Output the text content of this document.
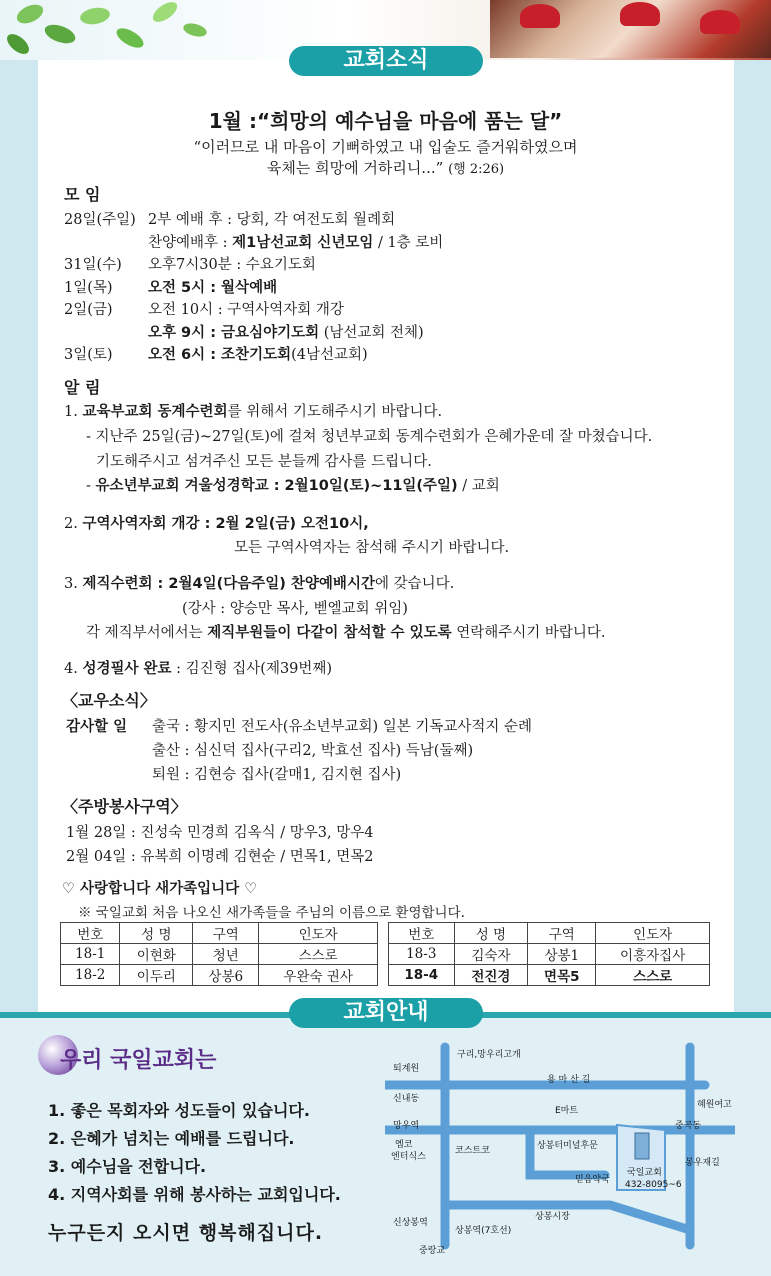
교회소식
1월 :“희망의 예수님을 마음에 품는 달”
“이러므로 내 마음이 기뻐하였고 내 입술도 즐거워하였으며
육체는 희망에 거하리니...” (행 2:26)
모 임
28일(주일) 2부 예배 후 : 당회, 각 여전도회 월례회
찬양예배후 : 제1남선교회 신년모임 / 1층 로비
31일(수) 오후7시30분 : 수요기도회
1일(목) 오전 5시 : 월삭예배
2일(금) 오전 10시 : 구역사역자회 개강
오후 9시 : 금요심야기도회 (남선교회 전체)
3일(토) 오전 6시 : 조찬기도회(4남선교회)
알 림
1. 교육부교회 동계수련회를 위해서 기도해주시기 바랍니다.
- 지난주 25일(금)~27일(토)에 걸쳐 청년부교회 동계수련회가 은혜가운데 잘 마쳤습니다.
기도해주시고 섬겨주신 모든 분들께 감사를 드립니다.
- 유소년부교회 겨울성경학교 : 2월10일(토)~11일(주일) / 교회
2. 구역사역자회 개강 : 2월 2일(금) 오전10시,
모든 구역사역자는 참석해 주시기 바랍니다.
3. 제직수련회 : 2월4일(다음주일) 찬양예배시간에 갖습니다.
(강사 : 양승만 목사, 벧엘교회 위임)
각 제직부서에서는 제직부원들이 다같이 참석할 수 있도록 연락해주시기 바랍니다.
4. 성경필사 완료 : 김진형 집사(제39번째)
〈교우소식〉
감사할 일 출국 : 황지민 전도사(유소년부교회) 일본 기독교사적지 순례
출산 : 심신덕 집사(구리2, 박효선 집사) 득남(둘째)
퇴원 : 김현승 집사(갈매1, 김지현 집사)
〈주방봉사구역〉
1월 28일 : 진성숙 민경희 김옥식 / 망우3, 망우4
2월 04일 : 유복희 이명례 김현순 / 면목1, 면목2
♡ 사랑합니다 새가족입니다 ♡
※ 국일교회 처음 나오신 새가족들을 주님의 이름으로 환영합니다.
번호	성 명	구역	인도자
18-1	이현화	청년	스스로
18-2	이두리	상봉6	우완숙 권사
번호	성 명	구역	인도자
18-3	김숙자	상봉1	이흥자집사
18-4	전진경	면목5	스스로
교회안내
우리 국일교회는
1. 좋은 목회자와 성도들이 있습니다.
2. 은혜가 넘치는 예배를 드립니다.
3. 예수님을 전합니다.
4. 지역사회를 위해 봉사하는 교회입니다.
누구든지 오시면 행복해집니다.
퇴계원
구리,망우리고개
용 마 산 길
신내동
E마트
혜원여고
망우역	중곡동
옘코
엔터식스
코스트코	상봉터미널후문
믿음약국
국일교회
432-8095~6
봉우재길
상봉시장
신상봉역
상봉역(7호선)
중랑교
